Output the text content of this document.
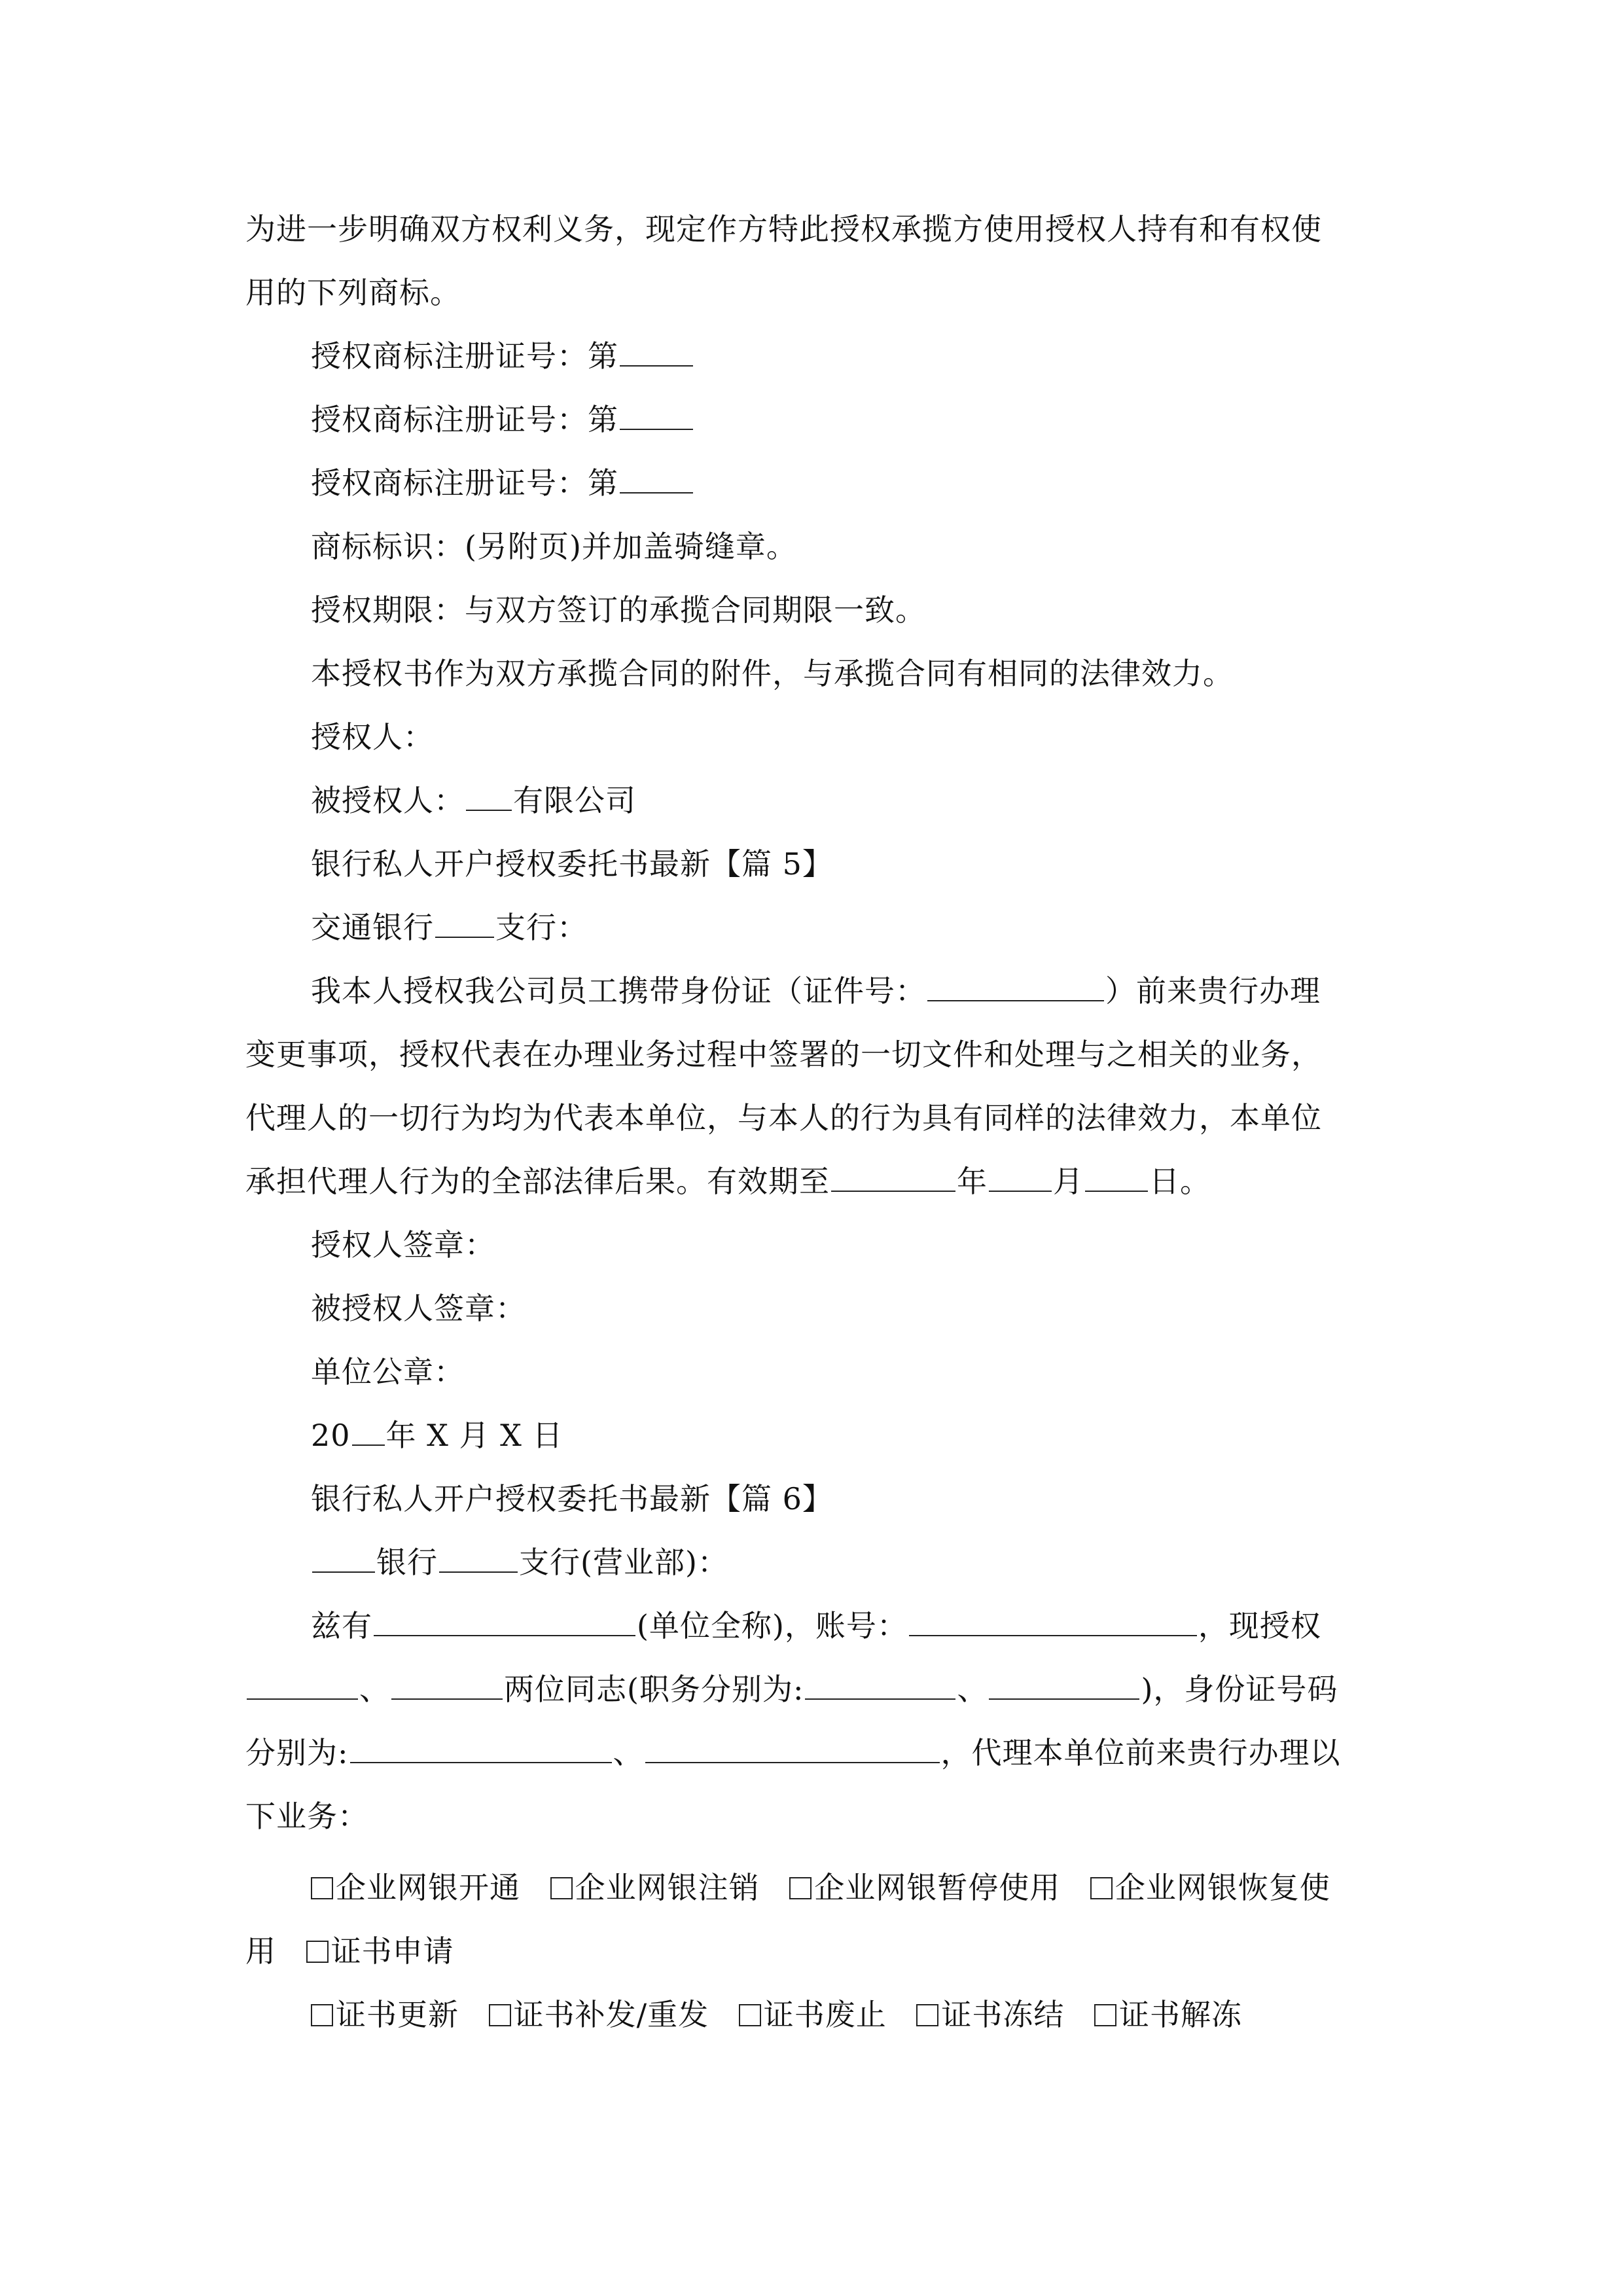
为进一步明确双方权利义务，现定作方特此授权承揽方使用授权人持有和有权使
用的下列商标。
授权商标注册证号：第
授权商标注册证号：第
授权商标注册证号：第
商标标识：(另附页)并加盖骑缝章。
授权期限：与双方签订的承揽合同期限一致。
本授权书作为双方承揽合同的附件，与承揽合同有相同的法律效力。
授权人：
被授权人： 有限公司
银行私人开户授权委托书最新【篇 5】
交通银行 支行：
我本人授权我公司员工携带身份证（证件号：	）前来贵行办理
变更事项，授权代表在办理业务过程中签署的一切文件和处理与之相关的业务，
代理人的一切行为均为代表本单位，与本人的行为具有同样的法律效力，本单位
承担代理人行为的全部法律后果。有效期至	年 月 日。
授权人签章：
被授权人签章：
单位公章：
20 年 X 月 X 日
银行私人开户授权委托书最新【篇 6】
银行	支行(营业部)：
兹有	(单位全称)，账号：	，现授权
、	两位同志(职务分别为:	、	)，身份证号码
分别为:	、	，代理本单位前来贵行办理以
下业务：
企业网银开通 企业网银注销 企业网银暂停使用 企业网银恢复使
用 证书申请
证书更新 证书补发/重发 证书废止 证书冻结 证书解冻
